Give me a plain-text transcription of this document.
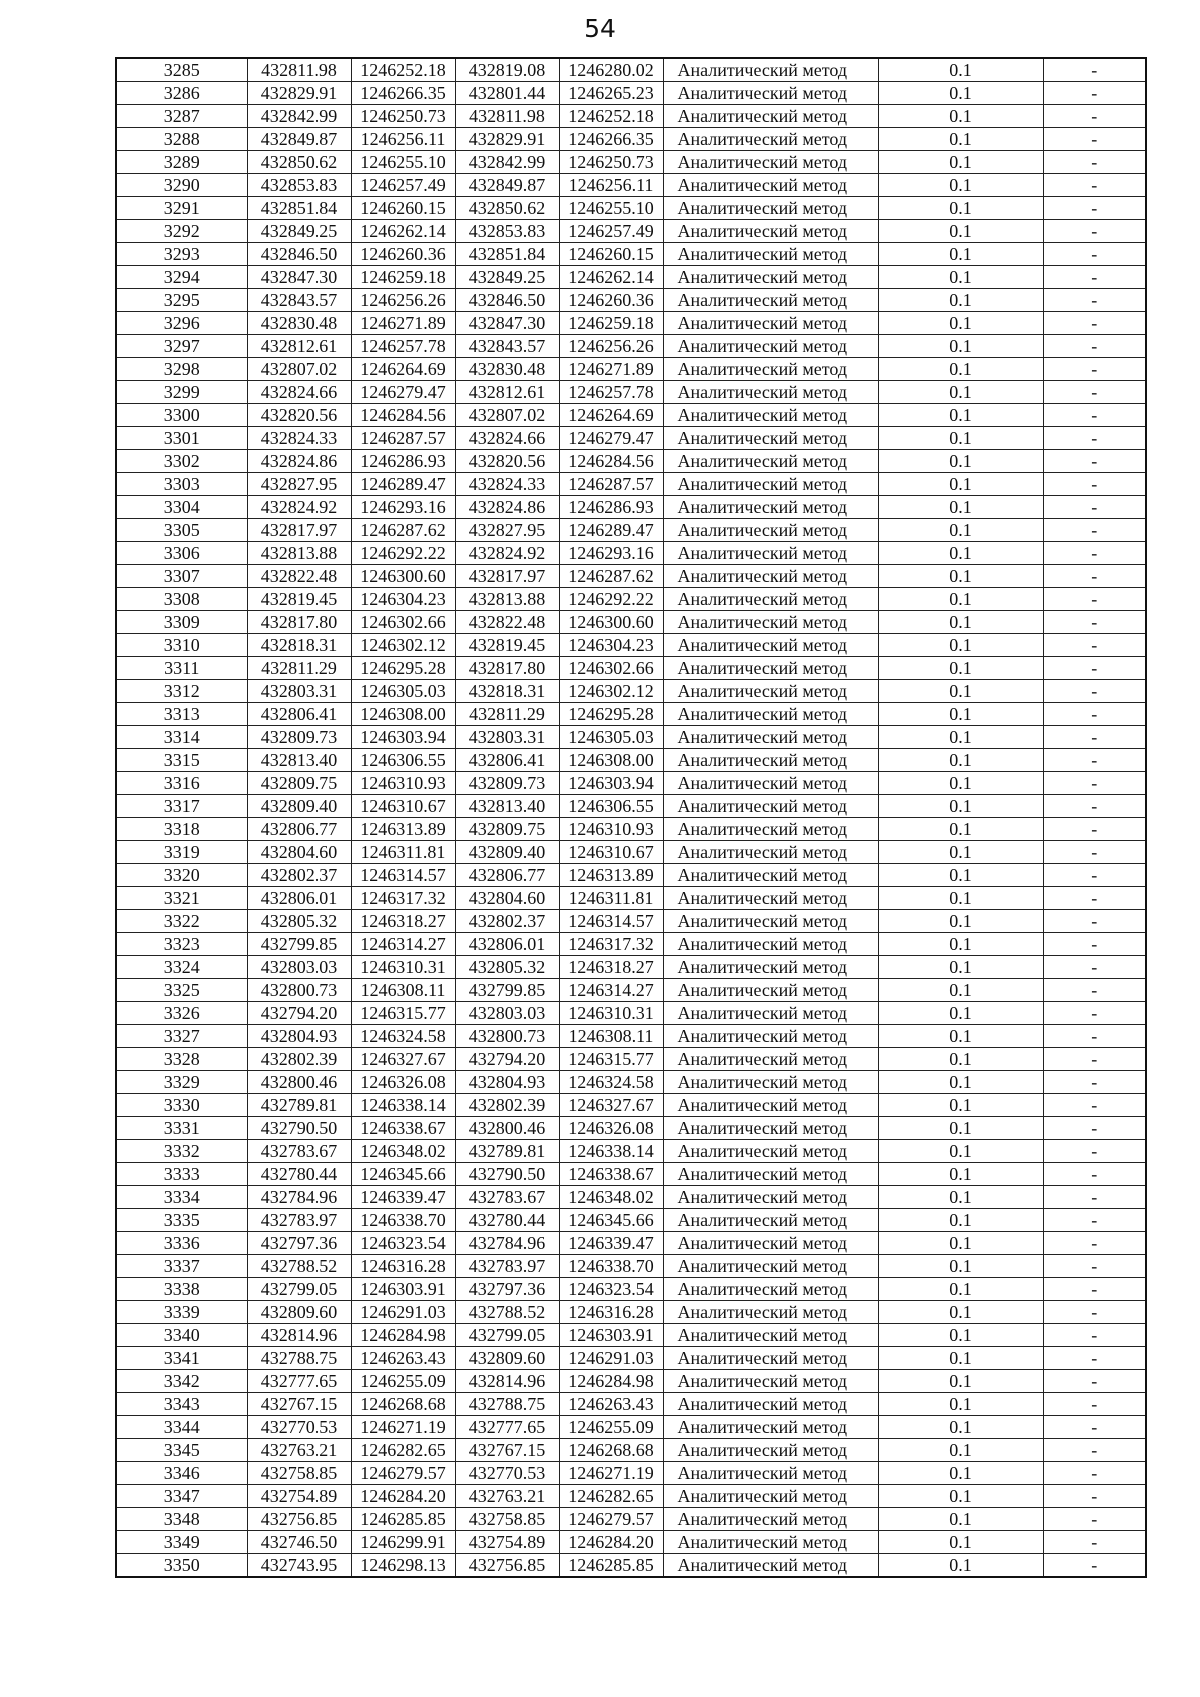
54
3285	432811.98	1246252.18	432819.08	1246280.02	Аналитический метод	0.1	-
3286	432829.91	1246266.35	432801.44	1246265.23	Аналитический метод	0.1	-
3287	432842.99	1246250.73	432811.98	1246252.18	Аналитический метод	0.1	-
3288	432849.87	1246256.11	432829.91	1246266.35	Аналитический метод	0.1	-
3289	432850.62	1246255.10	432842.99	1246250.73	Аналитический метод	0.1	-
3290	432853.83	1246257.49	432849.87	1246256.11	Аналитический метод	0.1	-
3291	432851.84	1246260.15	432850.62	1246255.10	Аналитический метод	0.1	-
3292	432849.25	1246262.14	432853.83	1246257.49	Аналитический метод	0.1	-
3293	432846.50	1246260.36	432851.84	1246260.15	Аналитический метод	0.1	-
3294	432847.30	1246259.18	432849.25	1246262.14	Аналитический метод	0.1	-
3295	432843.57	1246256.26	432846.50	1246260.36	Аналитический метод	0.1	-
3296	432830.48	1246271.89	432847.30	1246259.18	Аналитический метод	0.1	-
3297	432812.61	1246257.78	432843.57	1246256.26	Аналитический метод	0.1	-
3298	432807.02	1246264.69	432830.48	1246271.89	Аналитический метод	0.1	-
3299	432824.66	1246279.47	432812.61	1246257.78	Аналитический метод	0.1	-
3300	432820.56	1246284.56	432807.02	1246264.69	Аналитический метод	0.1	-
3301	432824.33	1246287.57	432824.66	1246279.47	Аналитический метод	0.1	-
3302	432824.86	1246286.93	432820.56	1246284.56	Аналитический метод	0.1	-
3303	432827.95	1246289.47	432824.33	1246287.57	Аналитический метод	0.1	-
3304	432824.92	1246293.16	432824.86	1246286.93	Аналитический метод	0.1	-
3305	432817.97	1246287.62	432827.95	1246289.47	Аналитический метод	0.1	-
3306	432813.88	1246292.22	432824.92	1246293.16	Аналитический метод	0.1	-
3307	432822.48	1246300.60	432817.97	1246287.62	Аналитический метод	0.1	-
3308	432819.45	1246304.23	432813.88	1246292.22	Аналитический метод	0.1	-
3309	432817.80	1246302.66	432822.48	1246300.60	Аналитический метод	0.1	-
3310	432818.31	1246302.12	432819.45	1246304.23	Аналитический метод	0.1	-
3311	432811.29	1246295.28	432817.80	1246302.66	Аналитический метод	0.1	-
3312	432803.31	1246305.03	432818.31	1246302.12	Аналитический метод	0.1	-
3313	432806.41	1246308.00	432811.29	1246295.28	Аналитический метод	0.1	-
3314	432809.73	1246303.94	432803.31	1246305.03	Аналитический метод	0.1	-
3315	432813.40	1246306.55	432806.41	1246308.00	Аналитический метод	0.1	-
3316	432809.75	1246310.93	432809.73	1246303.94	Аналитический метод	0.1	-
3317	432809.40	1246310.67	432813.40	1246306.55	Аналитический метод	0.1	-
3318	432806.77	1246313.89	432809.75	1246310.93	Аналитический метод	0.1	-
3319	432804.60	1246311.81	432809.40	1246310.67	Аналитический метод	0.1	-
3320	432802.37	1246314.57	432806.77	1246313.89	Аналитический метод	0.1	-
3321	432806.01	1246317.32	432804.60	1246311.81	Аналитический метод	0.1	-
3322	432805.32	1246318.27	432802.37	1246314.57	Аналитический метод	0.1	-
3323	432799.85	1246314.27	432806.01	1246317.32	Аналитический метод	0.1	-
3324	432803.03	1246310.31	432805.32	1246318.27	Аналитический метод	0.1	-
3325	432800.73	1246308.11	432799.85	1246314.27	Аналитический метод	0.1	-
3326	432794.20	1246315.77	432803.03	1246310.31	Аналитический метод	0.1	-
3327	432804.93	1246324.58	432800.73	1246308.11	Аналитический метод	0.1	-
3328	432802.39	1246327.67	432794.20	1246315.77	Аналитический метод	0.1	-
3329	432800.46	1246326.08	432804.93	1246324.58	Аналитический метод	0.1	-
3330	432789.81	1246338.14	432802.39	1246327.67	Аналитический метод	0.1	-
3331	432790.50	1246338.67	432800.46	1246326.08	Аналитический метод	0.1	-
3332	432783.67	1246348.02	432789.81	1246338.14	Аналитический метод	0.1	-
3333	432780.44	1246345.66	432790.50	1246338.67	Аналитический метод	0.1	-
3334	432784.96	1246339.47	432783.67	1246348.02	Аналитический метод	0.1	-
3335	432783.97	1246338.70	432780.44	1246345.66	Аналитический метод	0.1	-
3336	432797.36	1246323.54	432784.96	1246339.47	Аналитический метод	0.1	-
3337	432788.52	1246316.28	432783.97	1246338.70	Аналитический метод	0.1	-
3338	432799.05	1246303.91	432797.36	1246323.54	Аналитический метод	0.1	-
3339	432809.60	1246291.03	432788.52	1246316.28	Аналитический метод	0.1	-
3340	432814.96	1246284.98	432799.05	1246303.91	Аналитический метод	0.1	-
3341	432788.75	1246263.43	432809.60	1246291.03	Аналитический метод	0.1	-
3342	432777.65	1246255.09	432814.96	1246284.98	Аналитический метод	0.1	-
3343	432767.15	1246268.68	432788.75	1246263.43	Аналитический метод	0.1	-
3344	432770.53	1246271.19	432777.65	1246255.09	Аналитический метод	0.1	-
3345	432763.21	1246282.65	432767.15	1246268.68	Аналитический метод	0.1	-
3346	432758.85	1246279.57	432770.53	1246271.19	Аналитический метод	0.1	-
3347	432754.89	1246284.20	432763.21	1246282.65	Аналитический метод	0.1	-
3348	432756.85	1246285.85	432758.85	1246279.57	Аналитический метод	0.1	-
3349	432746.50	1246299.91	432754.89	1246284.20	Аналитический метод	0.1	-
3350	432743.95	1246298.13	432756.85	1246285.85	Аналитический метод	0.1	-
